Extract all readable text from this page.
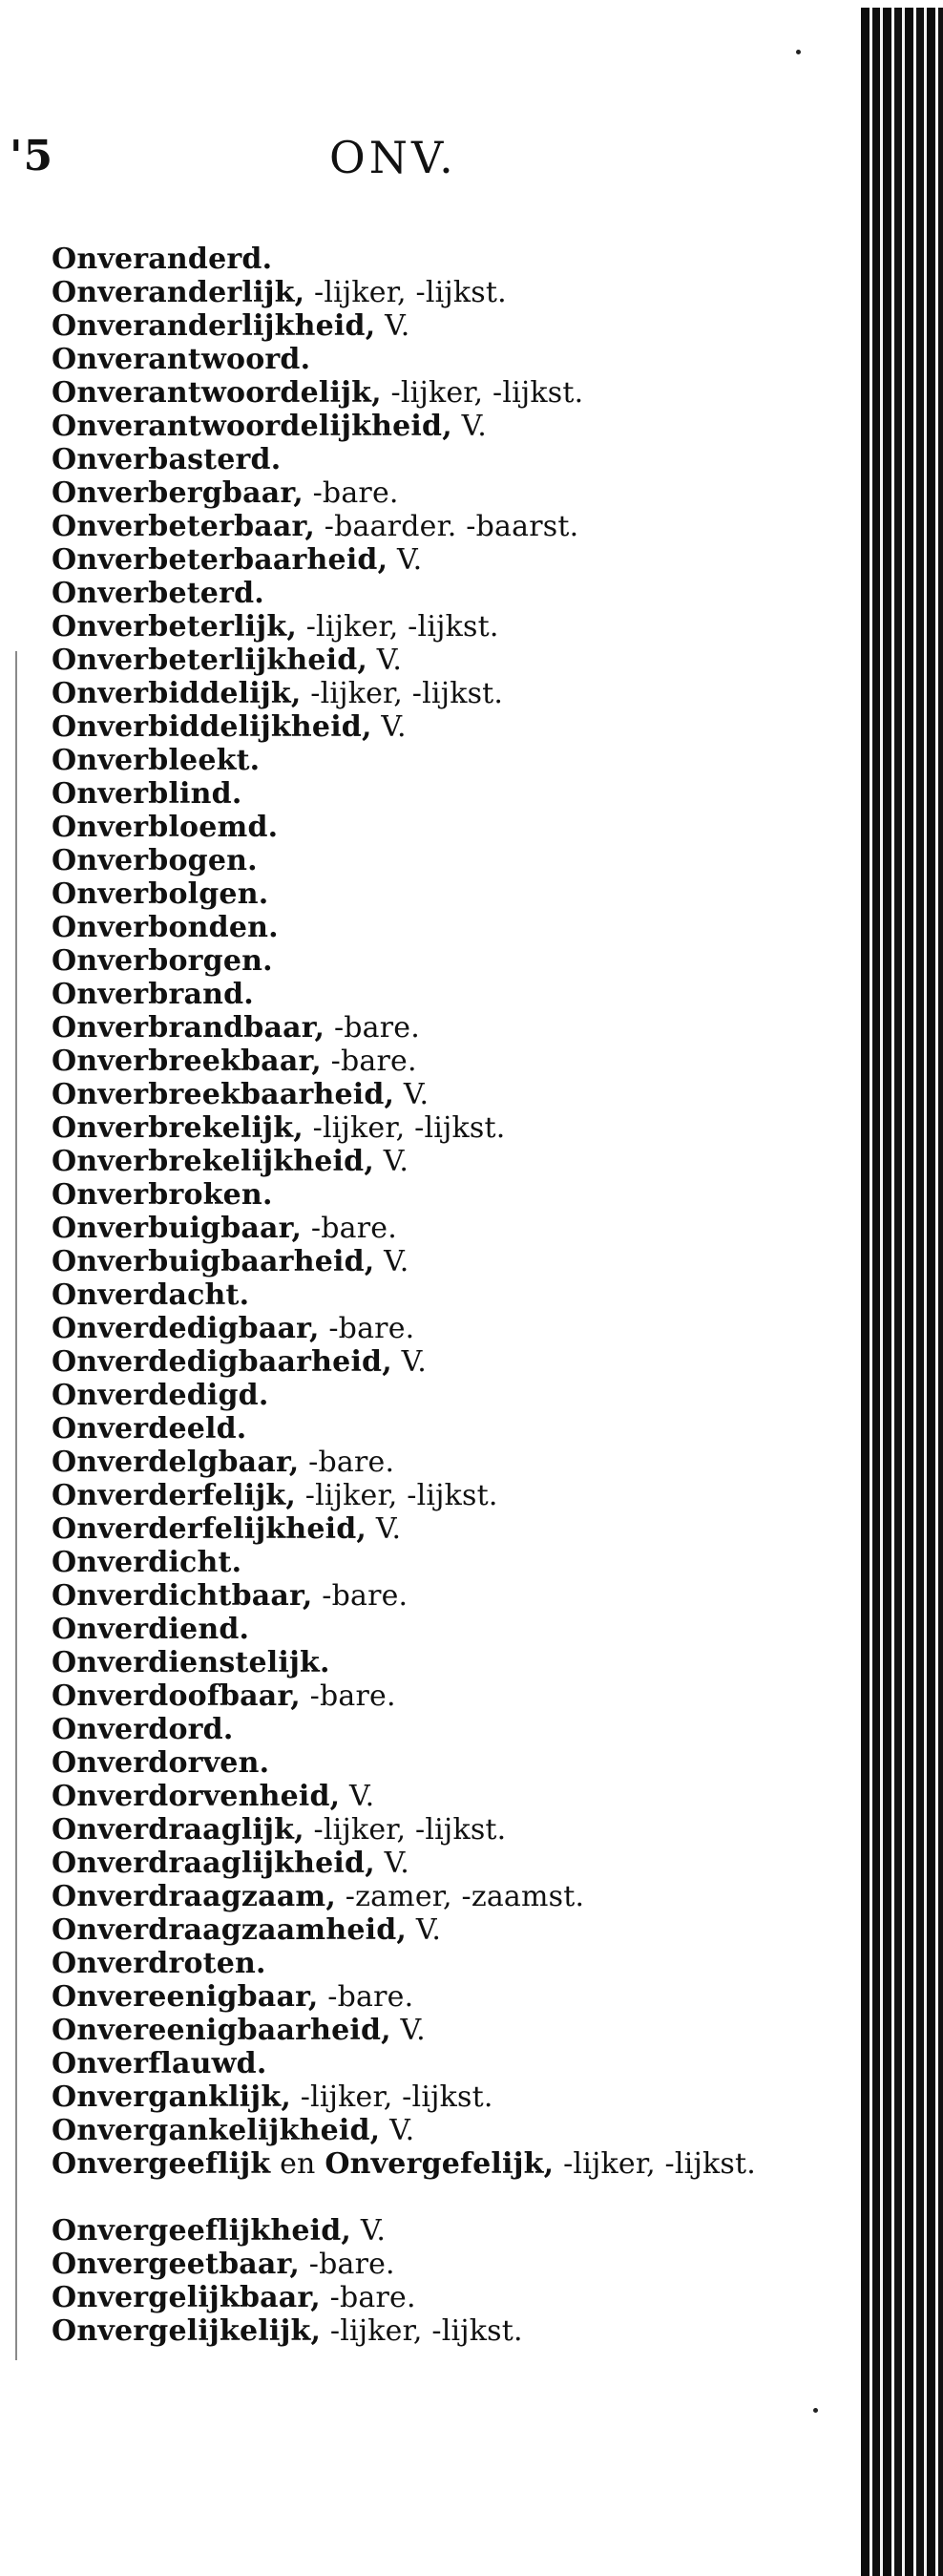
'5	ONV.
Onveranderd.
Onveranderlijk, -lijker, -lijkst.
Onveranderlijkheid, V.
Onverantwoord.
Onverantwoordelijk, -lijker, -lijkst.
Onverantwoordelijkheid, V.
Onverbasterd.
Onverbergbaar, -bare.
Onverbeterbaar, -baarder. -baarst.
Onverbeterbaarheid, V.
Onverbeterd.
Onverbeterlijk, -lijker, -lijkst.
Onverbeterlijkheid, V.
Onverbiddelijk, -lijker, -lijkst.
Onverbiddelijkheid, V.
Onverbleekt.
Onverblind.
Onverbloemd.
Onverbogen.
Onverbolgen.
Onverbonden.
Onverborgen.
Onverbrand.
Onverbrandbaar, -bare.
Onverbreekbaar, -bare.
Onverbreekbaarheid, V.
Onverbrekelijk, -lijker, -lijkst.
Onverbrekelijkheid, V.
Onverbroken.
Onverbuigbaar, -bare.
Onverbuigbaarheid, V.
Onverdacht.
Onverdedigbaar, -bare.
Onverdedigbaarheid, V.
Onverdedigd.
Onverdeeld.
Onverdelgbaar, -bare.
Onverderfelijk, -lijker, -lijkst.
Onverderfelijkheid, V.
Onverdicht.
Onverdichtbaar, -bare.
Onverdiend.
Onverdienstelijk.
Onverdoofbaar, -bare.
Onverdord.
Onverdorven.
Onverdorvenheid, V.
Onverdraaglijk, -lijker, -lijkst.
Onverdraaglijkheid, V.
Onverdraagzaam, -zamer, -zaamst.
Onverdraagzaamheid, V.
Onverdroten.
Onvereenigbaar, -bare.
Onvereenigbaarheid, V.
Onverflauwd.
Onverganklijk, -lijker, -lijkst.
Onvergankelijkheid, V.
Onvergeeflijk en Onvergefelijk, -lijker, -lijkst.
Onvergeeflijkheid, V.
Onvergeetbaar, -bare.
Onvergelijkbaar, -bare.
Onvergelijkelijk, -lijker, -lijkst.
